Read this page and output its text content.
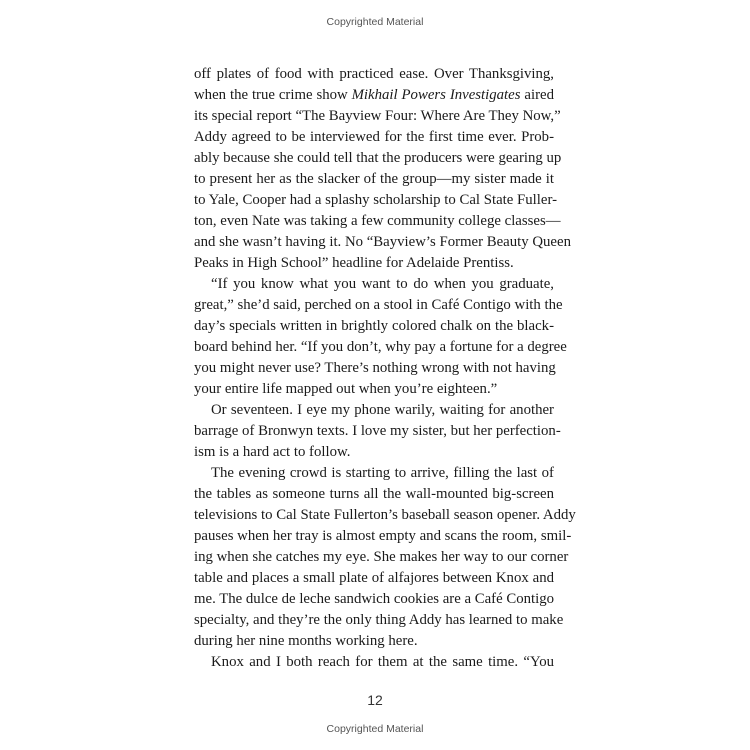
Copyrighted Material
off plates of food with practiced ease. Over Thanksgiving,
when the true crime show Mikhail Powers Investigates aired
its special report “The Bayview Four: Where Are They Now,”
Addy agreed to be interviewed for the first time ever. Prob-
ably because she could tell that the producers were gearing up
to present her as the slacker of the group—my sister made it
to Yale, Cooper had a splashy scholarship to Cal State Fuller-
ton, even Nate was taking a few community college classes—
and she wasn’t having it. No “Bayview’s Former Beauty Queen
Peaks in High School” headline for Adelaide Prentiss.
“If you know what you want to do when you graduate,
great,” she’d said, perched on a stool in Café Contigo with the
day’s specials written in brightly colored chalk on the black-
board behind her. “If you don’t, why pay a fortune for a degree
you might never use? There’s nothing wrong with not having
your entire life mapped out when you’re eighteen.”
Or seventeen. I eye my phone warily, waiting for another
barrage of Bronwyn texts. I love my sister, but her perfection-
ism is a hard act to follow.
The evening crowd is starting to arrive, filling the last of
the tables as someone turns all the wall-mounted big-screen
televisions to Cal State Fullerton’s baseball season opener. Addy
pauses when her tray is almost empty and scans the room, smil-
ing when she catches my eye. She makes her way to our corner
table and places a small plate of alfajores between Knox and
me. The dulce de leche sandwich cookies are a Café Contigo
specialty, and they’re the only thing Addy has learned to make
during her nine months working here.
Knox and I both reach for them at the same time. “You
12
Copyrighted Material
